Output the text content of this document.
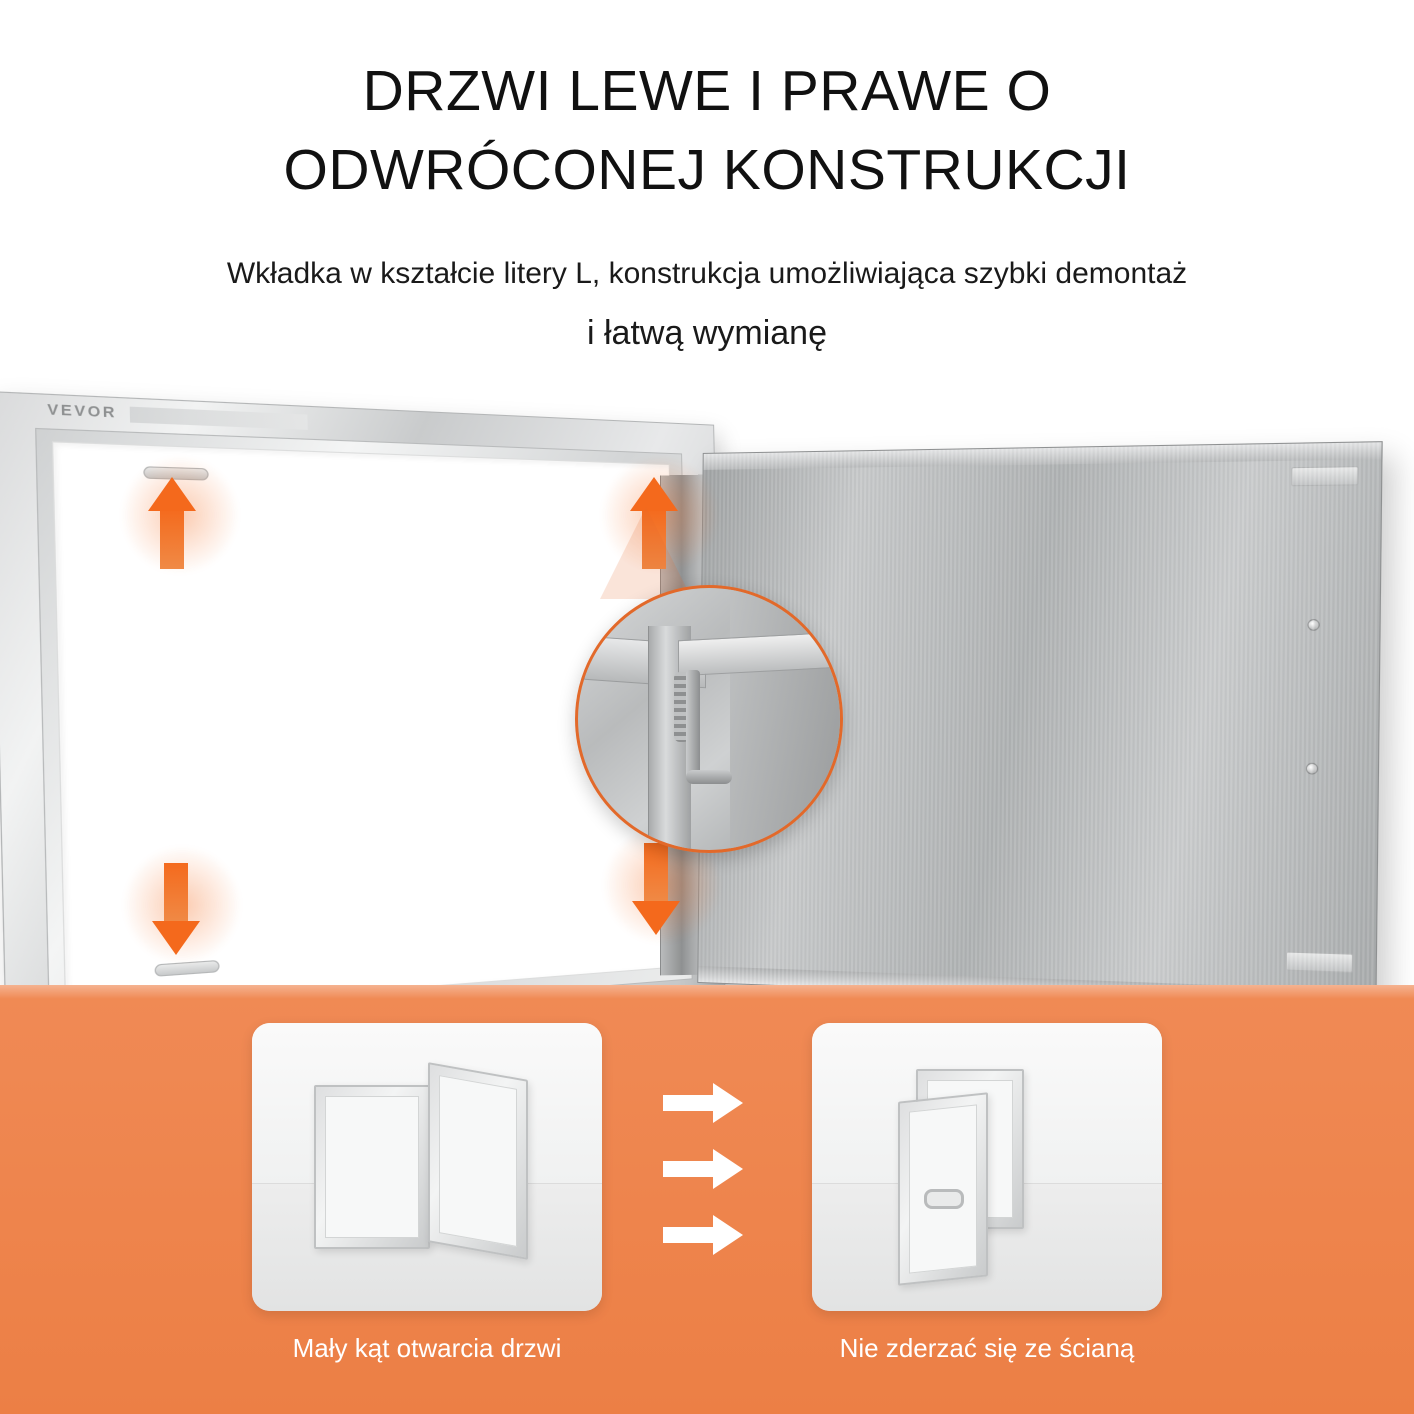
DRZWI LEWE I PRAWE O
ODWRÓCONEJ KONSTRUKCJI
Wkładka w kształcie litery L, konstrukcja umożliwiająca szybki demontaż
i łatwą wymianę
VEVOR
Mały kąt otwarcia drzwi	Nie zderzać się ze ścianą
